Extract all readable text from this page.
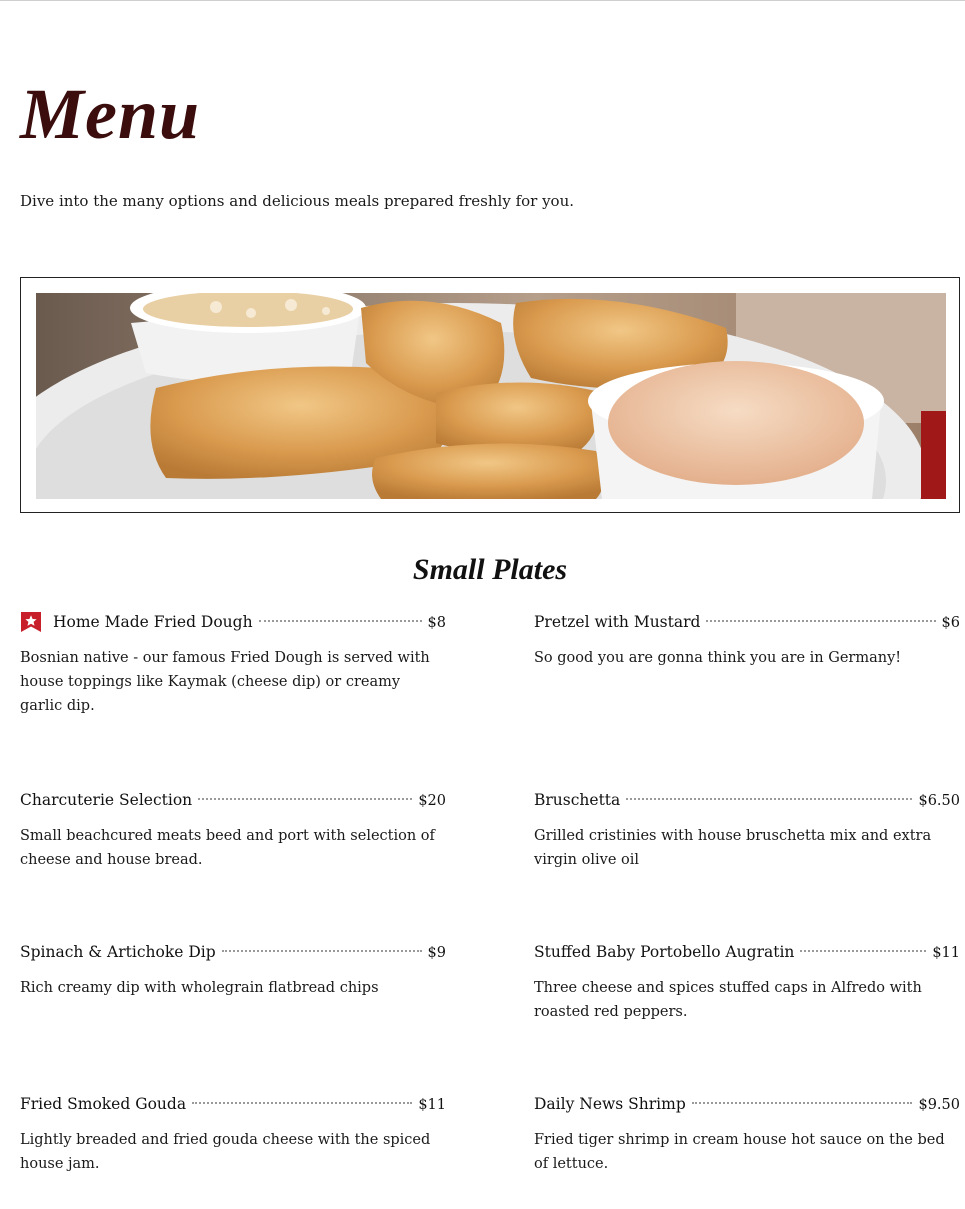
Menu

Dive into the many options and delicious meals prepared freshly for you.

Small Plates
Home Made Fried Dough	$8

Bosnian native - our famous Fried Dough is served with house toppings like Kaymak (cheese dip) or creamy garlic dip.

Pretzel with Mustard	$6

So good you are gonna think you are in Germany!

Charcuterie Selection	$20

Small beachcured meats beed and port with selection of cheese and house bread.

Bruschetta	$6.50

Grilled cristinies with house bruschetta mix and extra virgin olive oil

Spinach & Artichoke Dip	$9

Rich creamy dip with wholegrain flatbread chips

Stuffed Baby Portobello Augratin	$11

Three cheese and spices stuffed caps in Alfredo with roasted red peppers.

Fried Smoked Gouda	$11

Lightly breaded and fried gouda cheese with the spiced house jam.

Daily News Shrimp	$9.50

Fried tiger shrimp in cream house hot sauce on the bed of lettuce.
